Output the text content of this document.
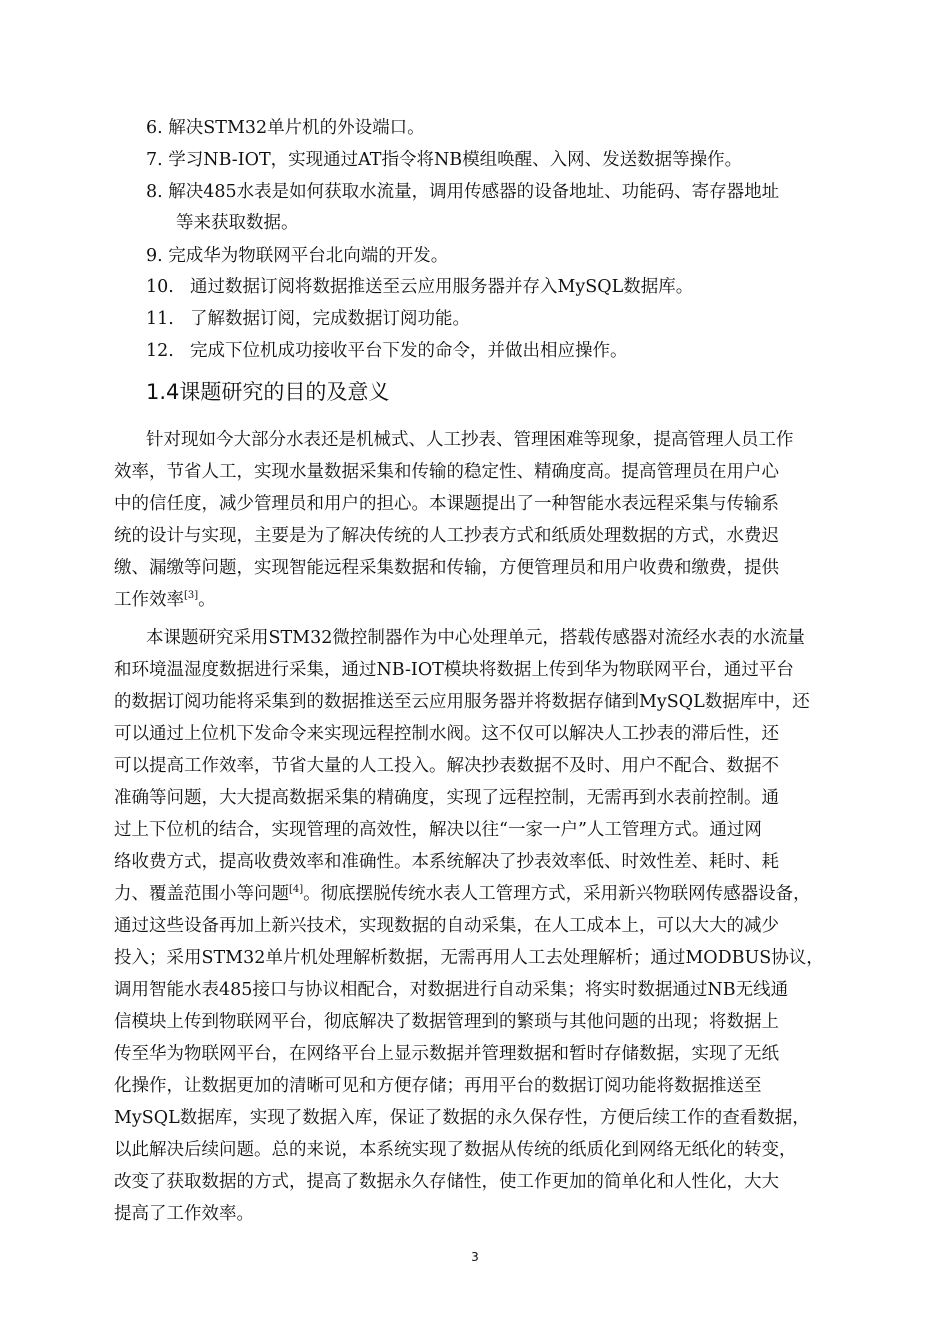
6. 解决STM32单片机的外设端口。
7. 学习NB-IOT，实现通过AT指令将NB模组唤醒、入网、发送数据等操作。
8. 解决485水表是如何获取水流量，调用传感器的设备地址、功能码、寄存器地址
等来获取数据。
9. 完成华为物联网平台北向端的开发。
10. 通过数据订阅将数据推送至云应用服务器并存入MySQL数据库。
11. 了解数据订阅，完成数据订阅功能。
12. 完成下位机成功接收平台下发的命令，并做出相应操作。
1.4课题研究的目的及意义
针对现如今大部分水表还是机械式、人工抄表、管理困难等现象，提高管理人员工作
效率，节省人工，实现水量数据采集和传输的稳定性、精确度高。提高管理员在用户心
中的信任度，减少管理员和用户的担心。本课题提出了一种智能水表远程采集与传输系
统的设计与实现，主要是为了解决传统的人工抄表方式和纸质处理数据的方式，水费迟
缴、漏缴等问题，实现智能远程采集数据和传输，方便管理员和用户收费和缴费，提供
工作效率[3]。
本课题研究采用STM32微控制器作为中心处理单元，搭载传感器对流经水表的水流量
和环境温湿度数据进行采集，通过NB-IOT模块将数据上传到华为物联网平台，通过平台
的数据订阅功能将采集到的数据推送至云应用服务器并将数据存储到MySQL数据库中，还
可以通过上位机下发命令来实现远程控制水阀。这不仅可以解决人工抄表的滞后性，还
可以提高工作效率，节省大量的人工投入。解决抄表数据不及时、用户不配合、数据不
准确等问题，大大提高数据采集的精确度，实现了远程控制，无需再到水表前控制。通
过上下位机的结合，实现管理的高效性，解决以往“一家一户”人工管理方式。通过网
络收费方式，提高收费效率和准确性。本系统解决了抄表效率低、时效性差、耗时、耗
力、覆盖范围小等问题[4]。彻底摆脱传统水表人工管理方式，采用新兴物联网传感器设备，
通过这些设备再加上新兴技术，实现数据的自动采集，在人工成本上，可以大大的减少
投入；采用STM32单片机处理解析数据，无需再用人工去处理解析；通过MODBUS协议，
调用智能水表485接口与协议相配合，对数据进行自动采集；将实时数据通过NB无线通
信模块上传到物联网平台，彻底解决了数据管理到的繁琐与其他问题的出现；将数据上
传至华为物联网平台，在网络平台上显示数据并管理数据和暂时存储数据，实现了无纸
化操作，让数据更加的清晰可见和方便存储；再用平台的数据订阅功能将数据推送至
MySQL数据库，实现了数据入库，保证了数据的永久保存性，方便后续工作的查看数据，
以此解决后续问题。总的来说，本系统实现了数据从传统的纸质化到网络无纸化的转变，
改变了获取数据的方式，提高了数据永久存储性，使工作更加的简单化和人性化，大大
提高了工作效率。
3
